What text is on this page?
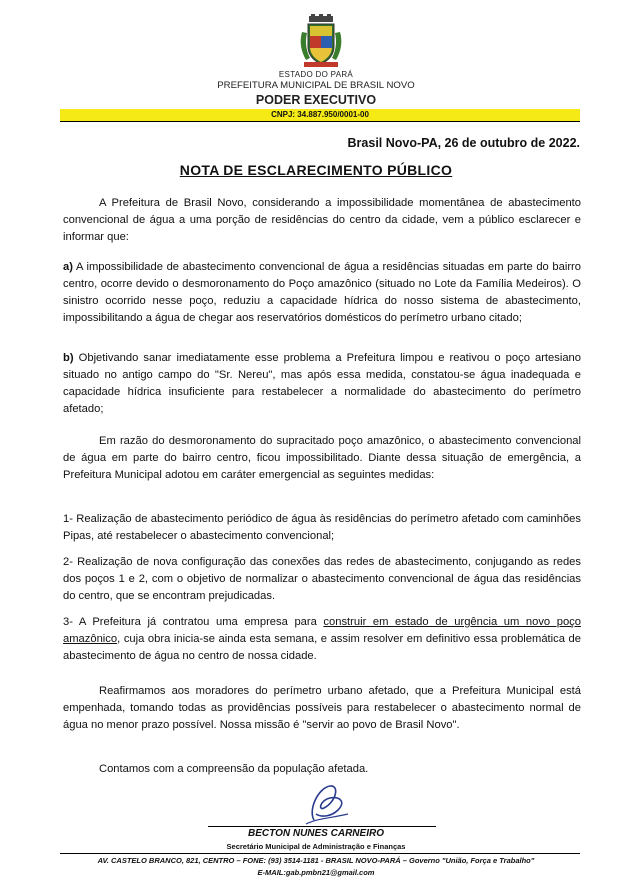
ESTADO DO PARÁ
PREFEITURA MUNICIPAL DE BRASIL NOVO
PODER EXECUTIVO
CNPJ: 34.887.950/0001-00
Brasil Novo-PA, 26 de outubro de 2022.
NOTA DE ESCLARECIMENTO PÚBLICO
A Prefeitura de Brasil Novo, considerando a impossibilidade momentânea de abastecimento convencional de água a uma porção de residências do centro da cidade, vem a público esclarecer e informar que:
a) A impossibilidade de abastecimento convencional de água a residências situadas em parte do bairro centro, ocorre devido o desmoronamento do Poço amazônico (situado no Lote da Família Medeiros). O sinistro ocorrido nesse poço, reduziu a capacidade hídrica do nosso sistema de abastecimento, impossibilitando a água de chegar aos reservatórios domésticos do perímetro urbano citado;
b) Objetivando sanar imediatamente esse problema a Prefeitura limpou e reativou o poço artesiano situado no antigo campo do "Sr. Nereu", mas após essa medida, constatou-se água inadequada e capacidade hídrica insuficiente para restabelecer a normalidade do abastecimento do perímetro afetado;
Em razão do desmoronamento do supracitado poço amazônico, o abastecimento convencional de água em parte do bairro centro, ficou impossibilitado. Diante dessa situação de emergência, a Prefeitura Municipal adotou em caráter emergencial as seguintes medidas:
1- Realização de abastecimento periódico de água às residências do perímetro afetado com caminhões Pipas, até restabelecer o abastecimento convencional;
2- Realização de nova configuração das conexões das redes de abastecimento, conjugando as redes dos poços 1 e 2, com o objetivo de normalizar o abastecimento convencional de água das residências do centro, que se encontram prejudicadas.
3- A Prefeitura já contratou uma empresa para construir em estado de urgência um novo poço amazônico, cuja obra inicia-se ainda esta semana, e assim resolver em definitivo essa problemática de abastecimento de água no centro de nossa cidade.
Reafirmamos aos moradores do perímetro urbano afetado, que a Prefeitura Municipal está empenhada, tomando todas as providências possíveis para restabelecer o abastecimento normal de água no menor prazo possível. Nossa missão é "servir ao povo de Brasil Novo".
Contamos com a compreensão da população afetada.
BECTON NUNES CARNEIRO
Secretário Municipal de Administração e Finanças
AV. CASTELO BRANCO, 821, CENTRO – FONE: (93) 3514-1181 - BRASIL NOVO-PARÁ – Governo "União, Força e Trabalho"
E-MAIL:gab.pmbn21@gmail.com
